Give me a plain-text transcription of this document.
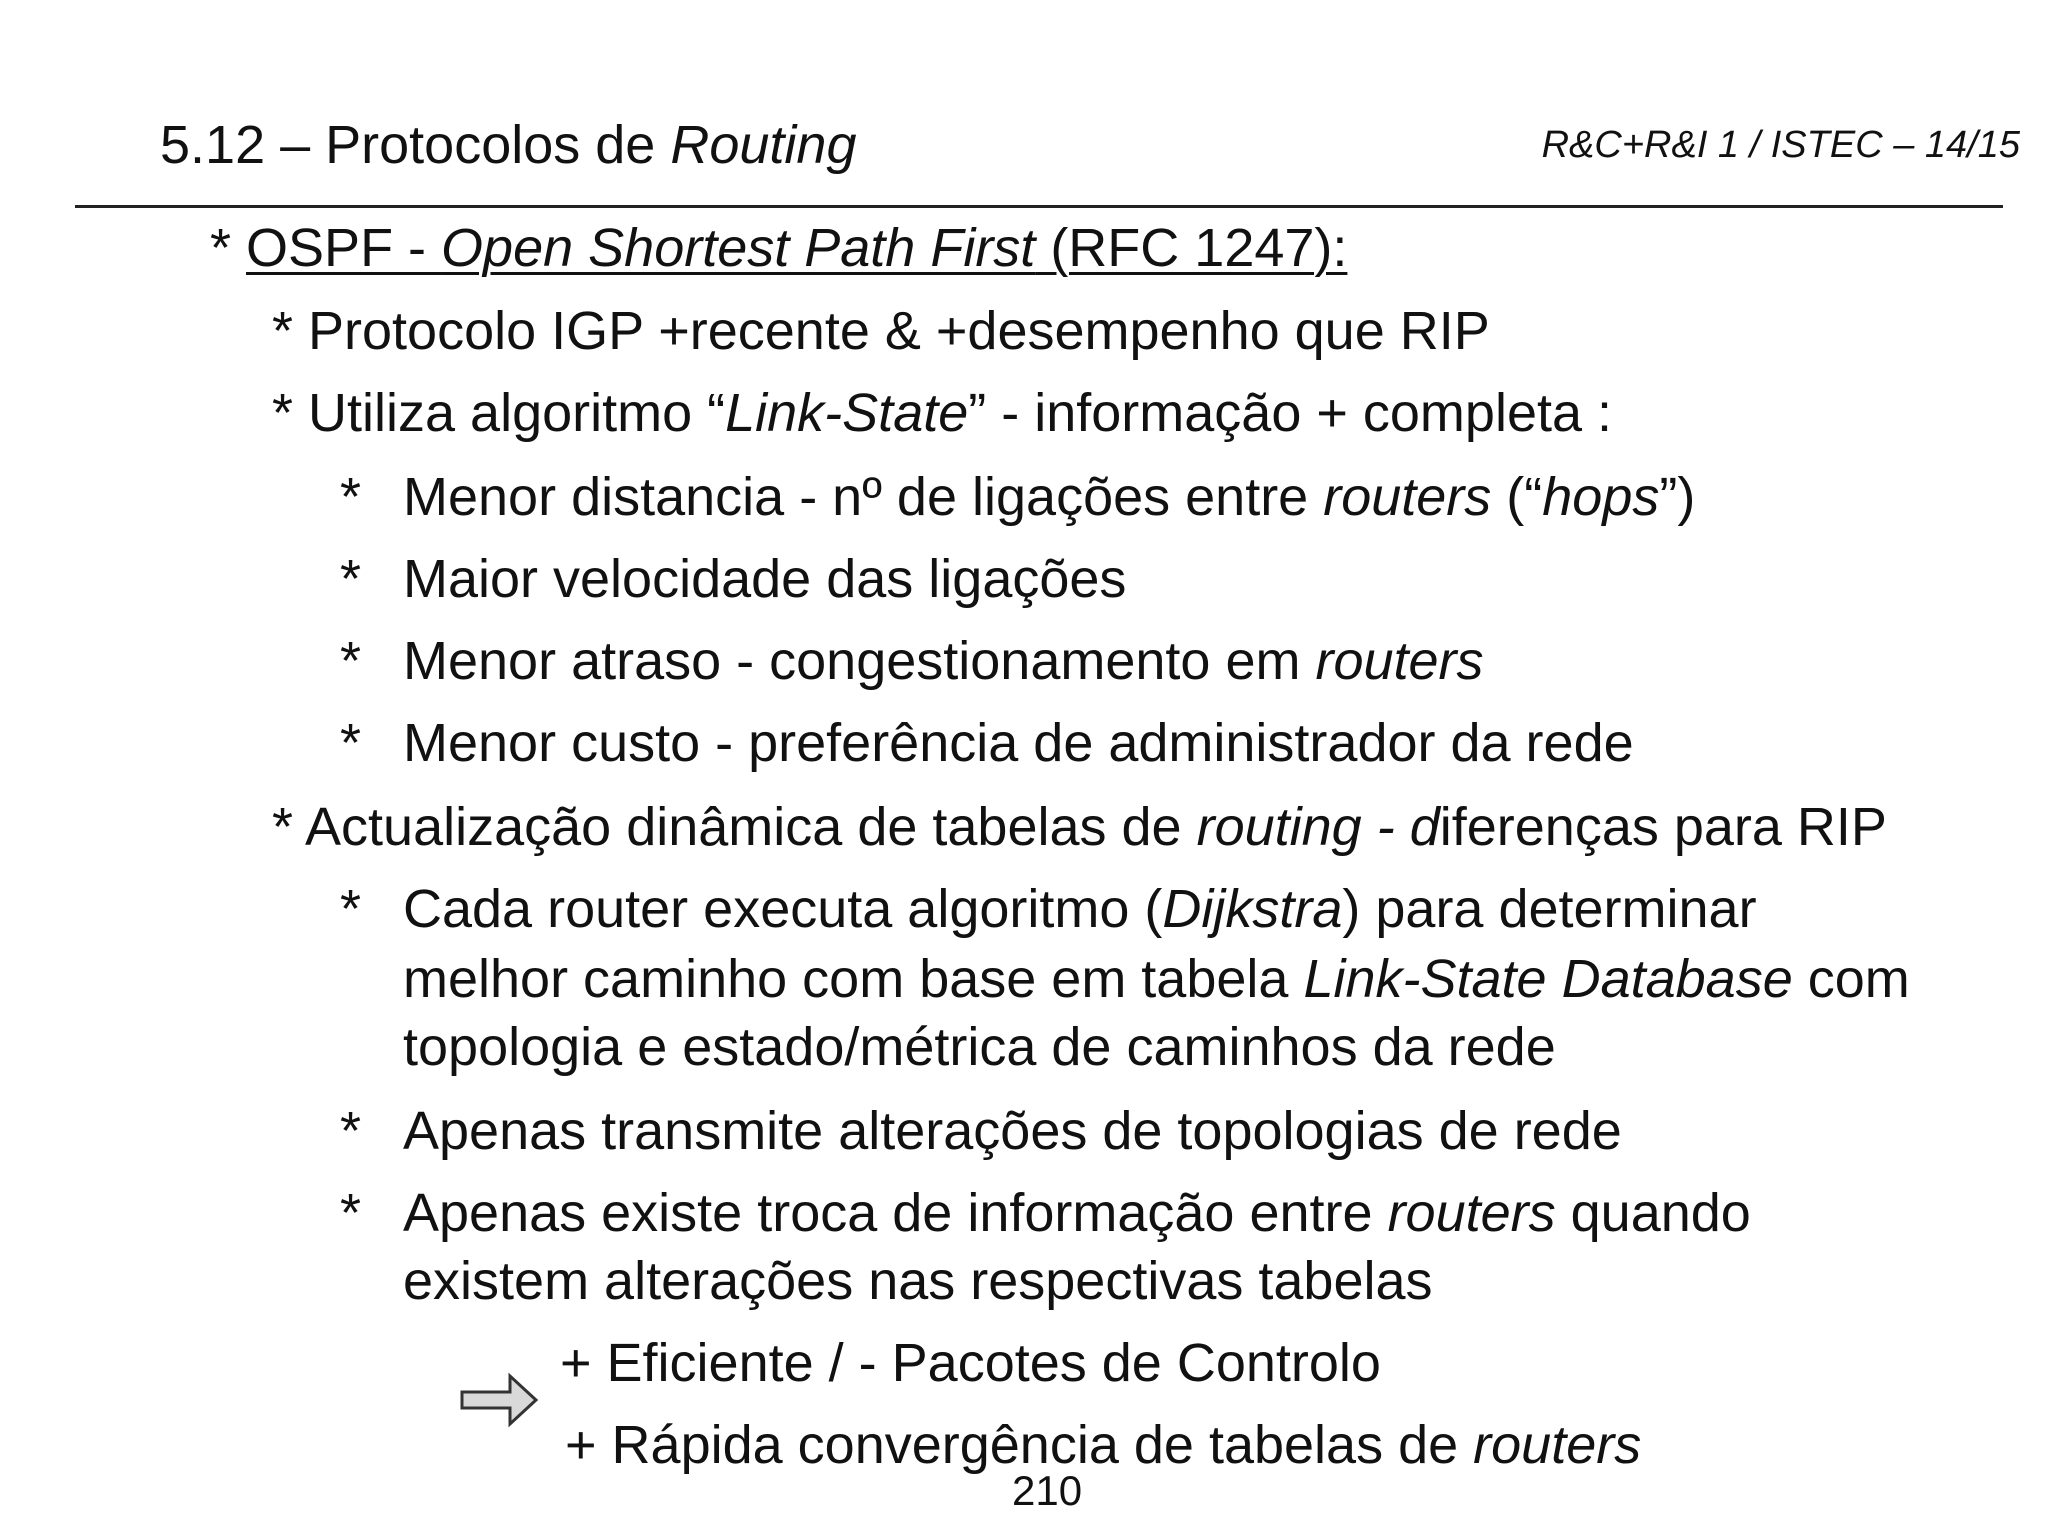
5.12 – Protocolos de Routing	R&C+R&I 1 / ISTEC – 14/15
* OSPF - Open Shortest Path First (RFC 1247):
* Protocolo IGP +recente & +desempenho que RIP
* Utiliza algoritmo “Link-State” - informação + completa :
* Menor distancia - nº de ligações entre routers (“hops”)
* Maior velocidade das ligações
* Menor atraso - congestionamento em routers
* Menor custo - preferência de administrador da rede
* Actualização dinâmica de tabelas de routing - diferenças para RIP
* Cada router executa algoritmo (Dijkstra) para determinar
melhor caminho com base em tabela Link-State Database com
topologia e estado/métrica de caminhos da rede
* Apenas transmite alterações de topologias de rede
* Apenas existe troca de informação entre routers quando
existem alterações nas respectivas tabelas
+ Eficiente / - Pacotes de Controlo
+ Rápida convergência de tabelas de routers
210
